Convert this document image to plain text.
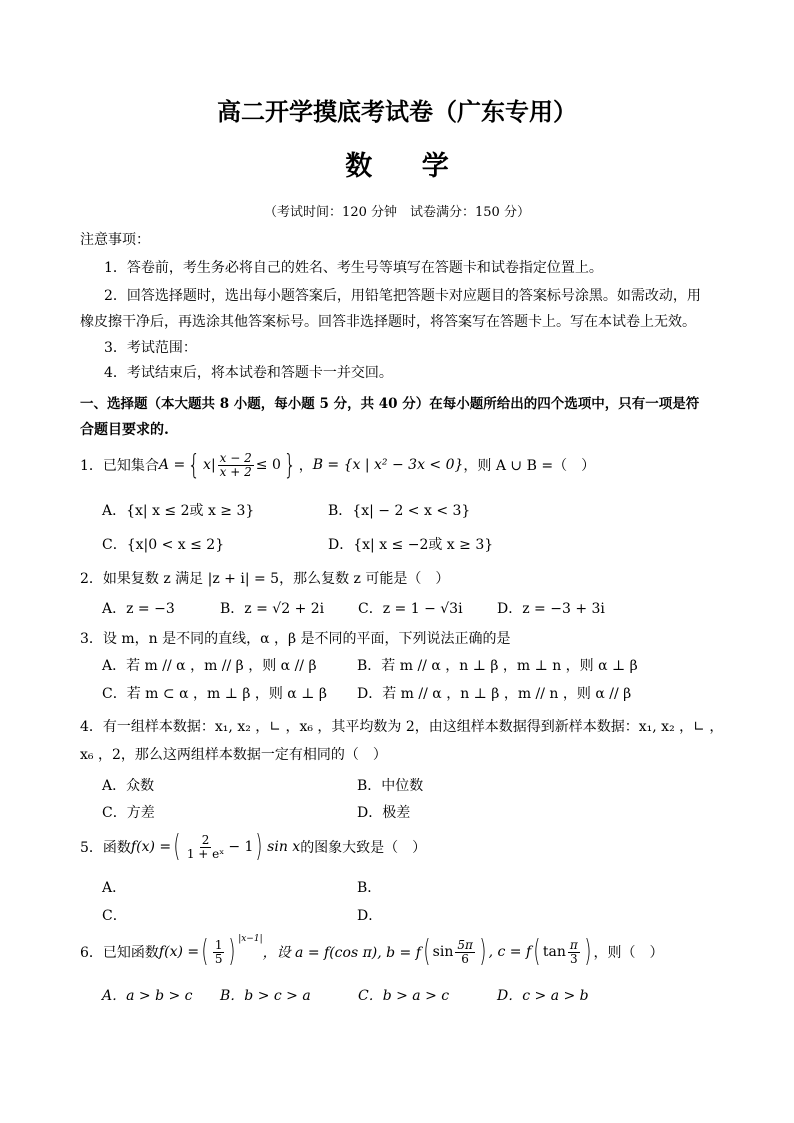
高二开学摸底考试卷（广东专用）
数 学
（考试时间：120 分钟　试卷满分：150 分）
注意事项：
1．答卷前，考生务必将自己的姓名、考生号等填写在答题卡和试卷指定位置上。
2．回答选择题时，选出每小题答案后，用铅笔把答题卡对应题目的答案标号涂黑。如需改动，用
橡皮擦干净后，再选涂其他答案标号。回答非选择题时，将答案写在答题卡上。写在本试卷上无效。
3．考试范围：
4．考试结束后，将本试卷和答题卡一并交回。
一、选择题（本大题共 8 小题，每小题 5 分，共 40 分）在每小题所给出的四个选项中，只有一项是符
合题目要求的.
1．已知集合 A = { x | $\frac{x - 2}{x + 2} \le 0$ } ， B = {x | x² − 3x < 0} ，则 A ∪ B =（　）
A．{x| x ≤ 2或 x ≥ 3}	B．{x| − 2 < x < 3}
C．{x|0 < x ≤ 2}	D．{x| x ≤ −2或 x ≥ 3}
2．如果复数 z 满足 |z + i| = 5，那么复数 z 可能是（　）
A．z = −3	B．z = √2 + 2i C．z = 1 − √3i D．z = −3 + 3i
3．设 m，n 是不同的直线，α ，β 是不同的平面，下列说法正确的是
A．若 m // α ，m // β ，则 α // β	B．若 m // α ，n ⊥ β ，m ⊥ n ，则 α ⊥ β
C．若 m ⊂ α ，m ⊥ β ，则 α ⊥ β D．若 m // α ，n ⊥ β ，m // n ，则 α // β
4．有一组样本数据：x₁, x₂ ，∟ ，x₆ ，其平均数为 2，由这组样本数据得到新样本数据：x₁, x₂ ，∟ ，
x₆ ，2，那么这两组样本数据一定有相同的（　）
A．众数	B．中位数
C．方差	D．极差
5．函数 f(x) = ( $\frac{2}{\text{1 + eˣ}} - 1$ ) sin x 的图象大致是（　）
A．	B．
C．	D．
6．已知函数 f(x) = ( $\frac{1}{5}$ ) |x−1|
，设 a = f(cos π), b = f ( $\sin \frac{5\pi}{6}$ ) , c = f ( $\tan \frac{\pi}{3}$ ) ，则（　）
A．a > b > c B．b > c > a	C．b > a > c	D．c > a > b
